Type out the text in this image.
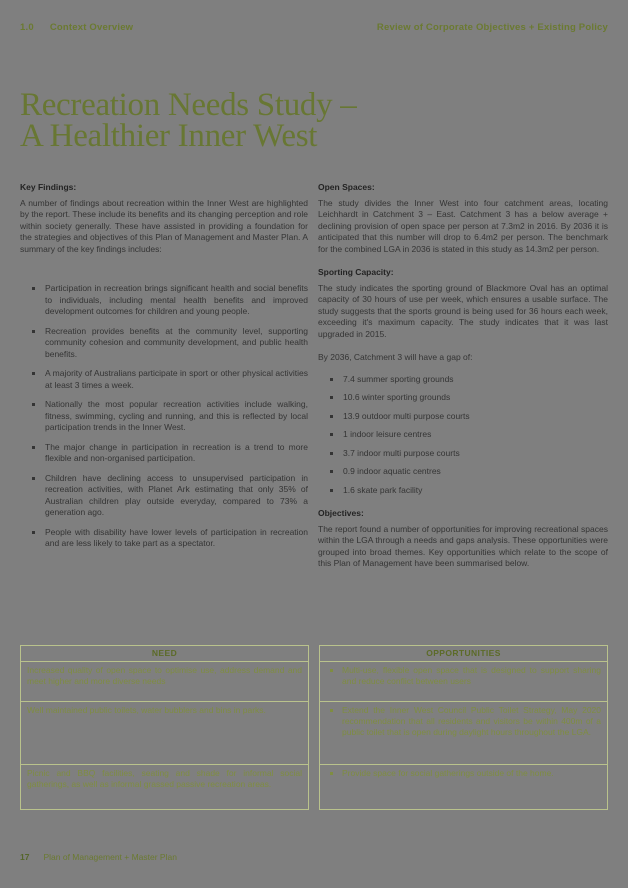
1.0 Context Overview	Review of Corporate Objectives + Existing Policy
Recreation Needs Study –
A Healthier Inner West

Key Findings:

A number of findings about recreation within the Inner West are highlighted by the report. These include its benefits and its changing perception and role within society generally. These have assisted in providing a foundation for the strategies and objectives of this Plan of Management and Master Plan. A summary of the key findings includes:

Participation in recreation brings significant health and social benefits to individuals, including mental health benefits and improved development outcomes for children and young people.
Recreation provides benefits at the community level, supporting community cohesion and community development, and public health benefits.
A majority of Australians participate in sport or other physical activities at least 3 times a week.
Nationally the most popular recreation activities include walking, fitness, swimming, cycling and running, and this is reflected by local participation trends in the Inner West.
The major change in participation in recreation is a trend to more flexible and non-organised participation.
Children have declining access to unsupervised participation in recreation activities, with Planet Ark estimating that only 35% of Australian children play outside everyday, compared to 73% a generation ago.
People with disability have lower levels of participation in recreation and are less likely to take part as a spectator.

Open Spaces:

The study divides the Inner West into four catchment areas, locating Leichhardt in Catchment 3 – East. Catchment 3 has a below average + declining provision of open space per person at 7.3m2 in 2016. By 2036 it is anticipated that this number will drop to 6.4m2 per person. The benchmark for the combined LGA in 2036 is stated in this study as 14.3m2 per person.

Sporting Capacity:

The study indicates the sporting ground of Blackmore Oval has an optimal capacity of 30 hours of use per week, which ensures a usable surface. The study suggests that the sports ground is being used for 36 hours each week, exceeding it's maximum capacity. The study indicates that it was last upgraded in 2015.

By 2036, Catchment 3 will have a gap of:

7.4 summer sporting grounds
10.6 winter sporting grounds
13.9 outdoor multi purpose courts
1 indoor leisure centres
3.7 indoor multi purpose courts
0.9 indoor aquatic centres
1.6 skate park facility

Objectives:

The report found a number of opportunities for improving recreational spaces within the LGA through a needs and gaps analysis. These opportunities were grouped into broad themes. Key opportunities which relate to the scope of this Plan of Management have been summarised below.

NEED
Increased quality of open space to optimise use, address demand and meet higher and more diverse needs
Well maintained public toilets, water bubblers and bins in parks.
Picnic and BBQ facilities, seating and shade for informal social gatherings, as well as informal grassed passive recreation areas.
OPPORTUNITIES
Multi-use, flexible open space that is designed to support sharing and reduce conflict between users
Extend the Inner West Council Public Toilet Strategy, May 2020 recommendation that all residents and visitors be within 400m of a public toilet that is open during daylight hours throughout the LGA.
Provide space for social gatherings outside of the home.
17 Plan of Management + Master Plan
